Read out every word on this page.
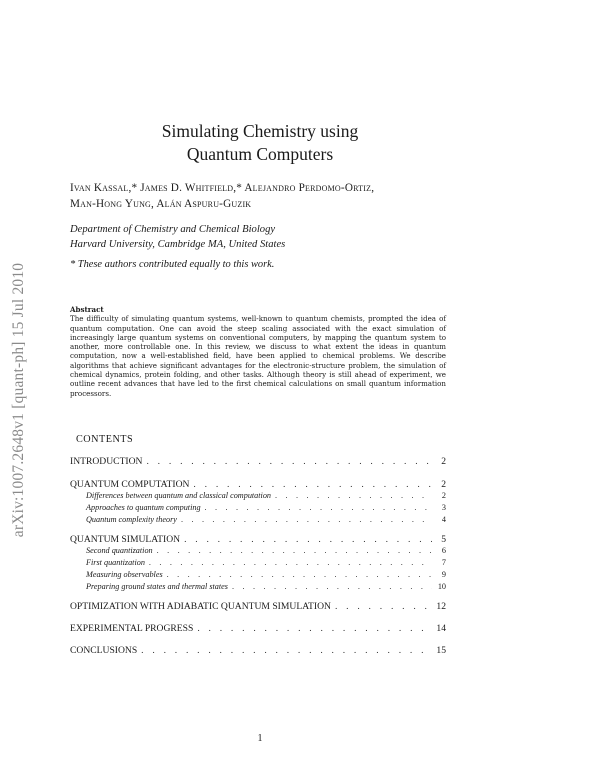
arXiv:1007.2648v1 [quant-ph] 15 Jul 2010
Simulating Chemistry using
Quantum Computers
Ivan Kassal,* James D. Whitfield,* Alejandro Perdomo-Ortiz,
Man-Hong Yung, Alán Aspuru-Guzik
Department of Chemistry and Chemical Biology
Harvard University, Cambridge MA, United States
* These authors contributed equally to this work.
Abstract
The difficulty of simulating quantum systems, well-known to quantum chemists, prompted the idea of quantum computation. One can avoid the steep scaling associated with the exact simulation of increasingly large quantum systems on conventional computers, by mapping the quantum system to another, more controllable one. In this review, we discuss to what extent the ideas in quantum computation, now a well-established field, have been applied to chemical problems. We describe algorithms that achieve significant advantages for the electronic-structure problem, the simulation of chemical dynamics, protein folding, and other tasks. Although theory is still ahead of experiment, we outline recent advances that have led to the first chemical calculations on small quantum information processors.
CONTENTS
INTRODUCTION . . .	2
QUANTUM COMPUTATION . . .	2
Differences between quantum and classical computation . . .	2
Approaches to quantum computing . . .	3
Quantum complexity theory . . .	4
QUANTUM SIMULATION . . .	5
Second quantization . . .	6
First quantization . . .	7
Measuring observables . . .	9
Preparing ground states and thermal states . . .	10
OPTIMIZATION WITH ADIABATIC QUANTUM SIMULATION . . .	12
EXPERIMENTAL PROGRESS . . .	14
CONCLUSIONS . . .	15
1
